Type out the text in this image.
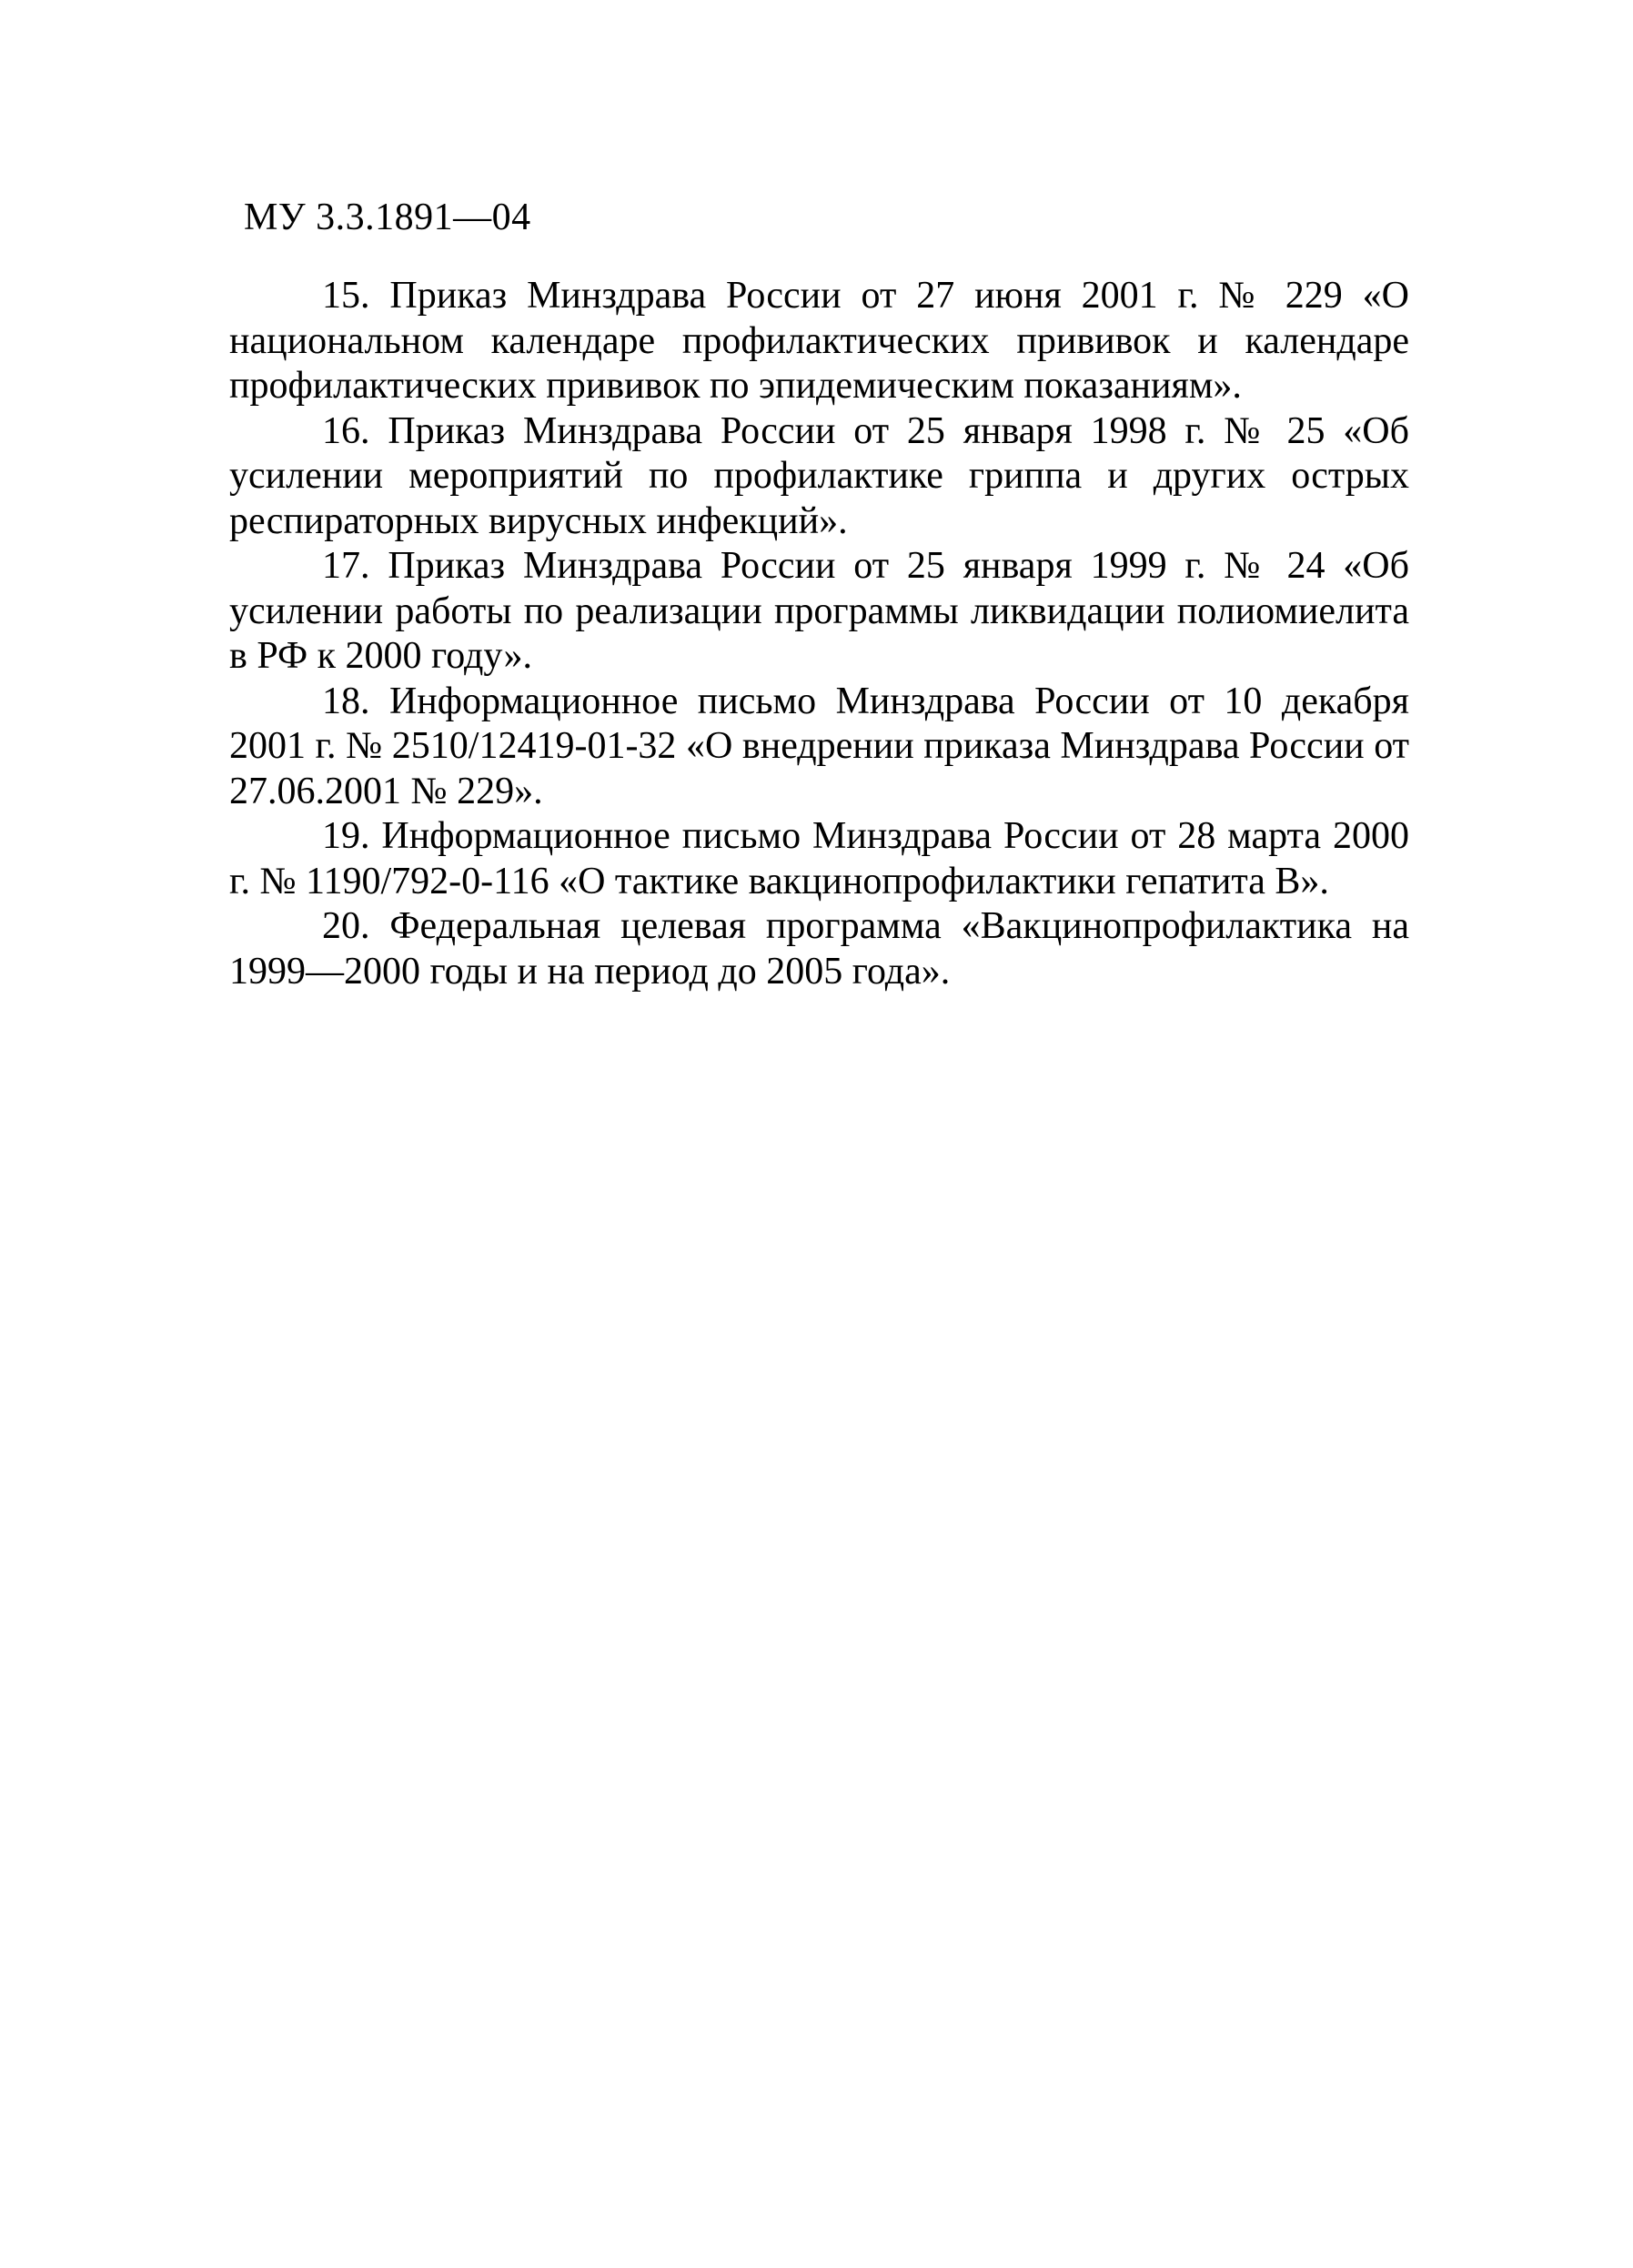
МУ 3.3.1891—04

15. Приказ Минздрава России от 27 июня 2001 г. № 229 «О национальном календаре профилактических прививок и календаре профилактических прививок по эпидемическим показаниям».

16. Приказ Минздрава России от 25 января 1998 г. № 25 «Об усилении мероприятий по профилактике гриппа и других острых респираторных вирусных инфекций».

17. Приказ Минздрава России от 25 января 1999 г. № 24 «Об усилении работы по реализации программы ликвидации полиомиелита в РФ к 2000 году».

18. Информационное письмо Минздрава России от 10 декабря 2001 г. № 2510/12419-01-32 «О внедрении приказа Минздрава России от 27.06.2001 № 229».

19. Информационное письмо Минздрава России от 28 марта 2000 г. № 1190/792-0-116 «О тактике вакцинопрофилактики гепатита В».

20. Федеральная целевая программа «Вакцинопрофилактика на 1999—2000 годы и на период до 2005 года».
